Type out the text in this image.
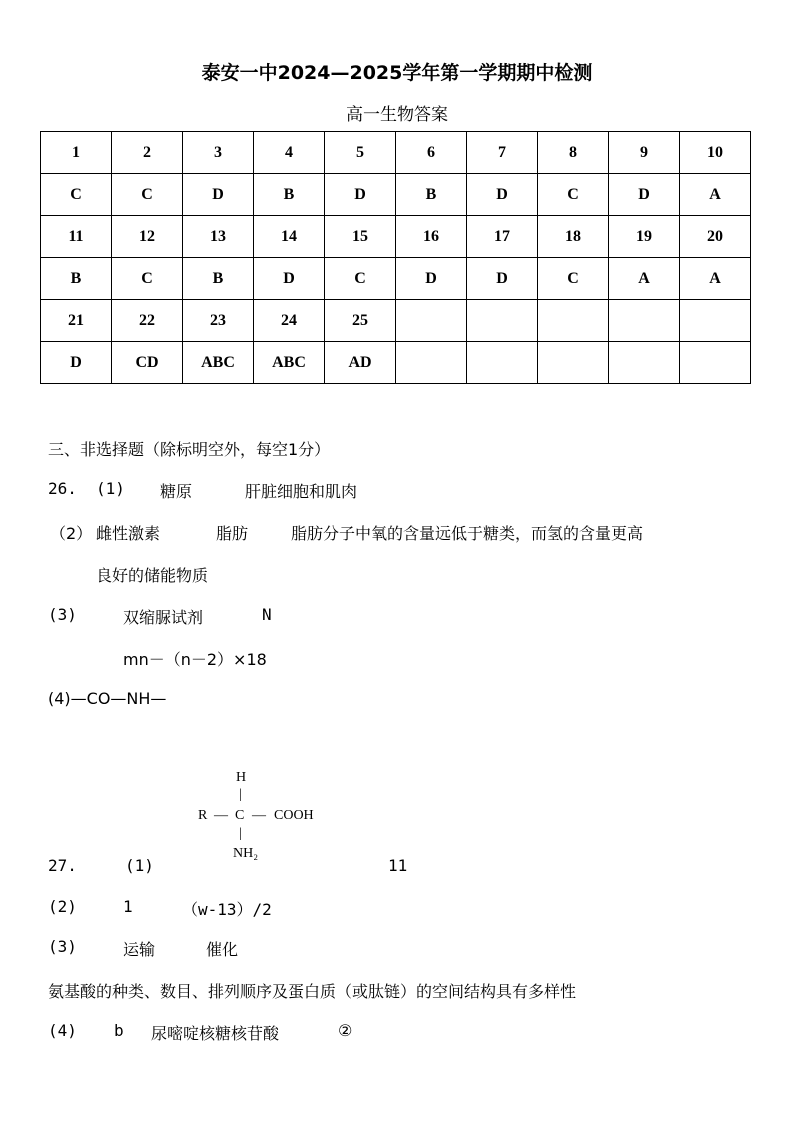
泰安一中2024—2025学年第一学期期中检测
高一生物答案
1	2	3	4	5	6	7	8	9	10
C	C	D	B	D	B	D	C	D	A
11	12	13	14	15	16	17	18	19	20
B	C	B	D	C	D	D	C	A	A
21	22	23	24	25					
D	CD	ABC	ABC	AD					
三、非选择题（除标明空外，每空1分）
26. (1) 糖原	肝脏细胞和肌肉
（2） 雌性激素	脂肪	脂肪分子中氧的含量远低于糖类，而氢的含量更高
良好的储能物质
(3)	双缩脲试剂	N
mn－（n－2）×18
(4)—CO—NH—
H
|
R — C — COOH
|
NH₂
27.	(1)	11
(2)	1	（w-13）/2
(3)	运输	催化
氨基酸的种类、数目、排列顺序及蛋白质（或肽链）的空间结构具有多样性
(4) b 尿嘧啶核糖核苷酸	②
